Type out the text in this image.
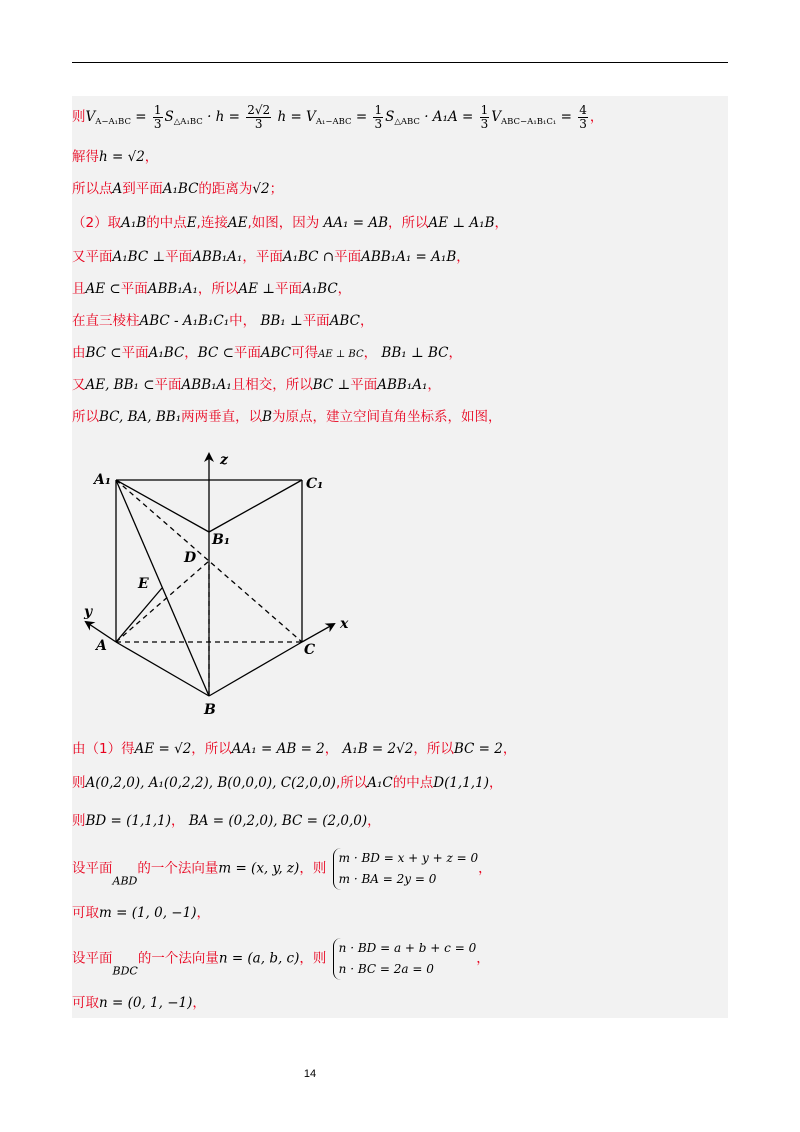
则$V_{A-A_1BC} = \frac{1}{3} S_{\triangle A_1BC} \cdot h = \frac{2√2}{3}$ $h = V_{A_1-ABC} = \frac{1}{3} S_{\triangle ABC} \cdot A_1A = \frac{1}{3} V_{ABC-A_1B_1C_1} = \frac{4}{3}$ ，
解得h = √2，
所以点A到平面A₁BC的距离为√2；
（2）取A₁B的中点E,连接AE,如图，因为 AA₁ = AB，所以AE ⊥ A₁B，
又平面A₁BC ⊥平面ABB₁A₁，平面A₁BC ∩平面ABB₁A₁ = A₁B，
且AE ⊂平面ABB₁A₁，所以AE ⊥平面A₁BC，
在直三棱柱ABC - A₁B₁C₁中， BB₁ ⊥平面ABC，
由BC ⊂平面A₁BC，BC ⊂平面ABC可得AE ⊥ BC， BB₁ ⊥ BC，
又AE, BB₁ ⊂平面ABB₁A₁且相交，所以BC ⊥平面ABB₁A₁，
所以BC, BA, BB₁两两垂直，以B为原点，建立空间直角坐标系，如图，
A₁	C₁
B₁
D
E
A
B
C
x
y
z
由（1）得AE = √2，所以AA₁ = AB = 2， A₁B = 2√2，所以BC = 2，
则A(0,2,0), A₁(0,2,2), B(0,0,0), C(2,0,0),所以A₁C的中点D(1,1,1)，
则BD = (1,1,1)， BA = (0,2,0), BC = (2,0,0)，
设平面$_{ABD}$的一个法向量m = (x, y, z)，则
m · BD = x + y + z = 0
m · BA = 2y = 0
，
可取m = (1, 0, −1)，
设平面$_{BDC}$的一个法向量n = (a, b, c)，则
n · BD = a + b + c = 0
n · BC = 2a = 0
，
可取n = (0, 1, −1)，
14
